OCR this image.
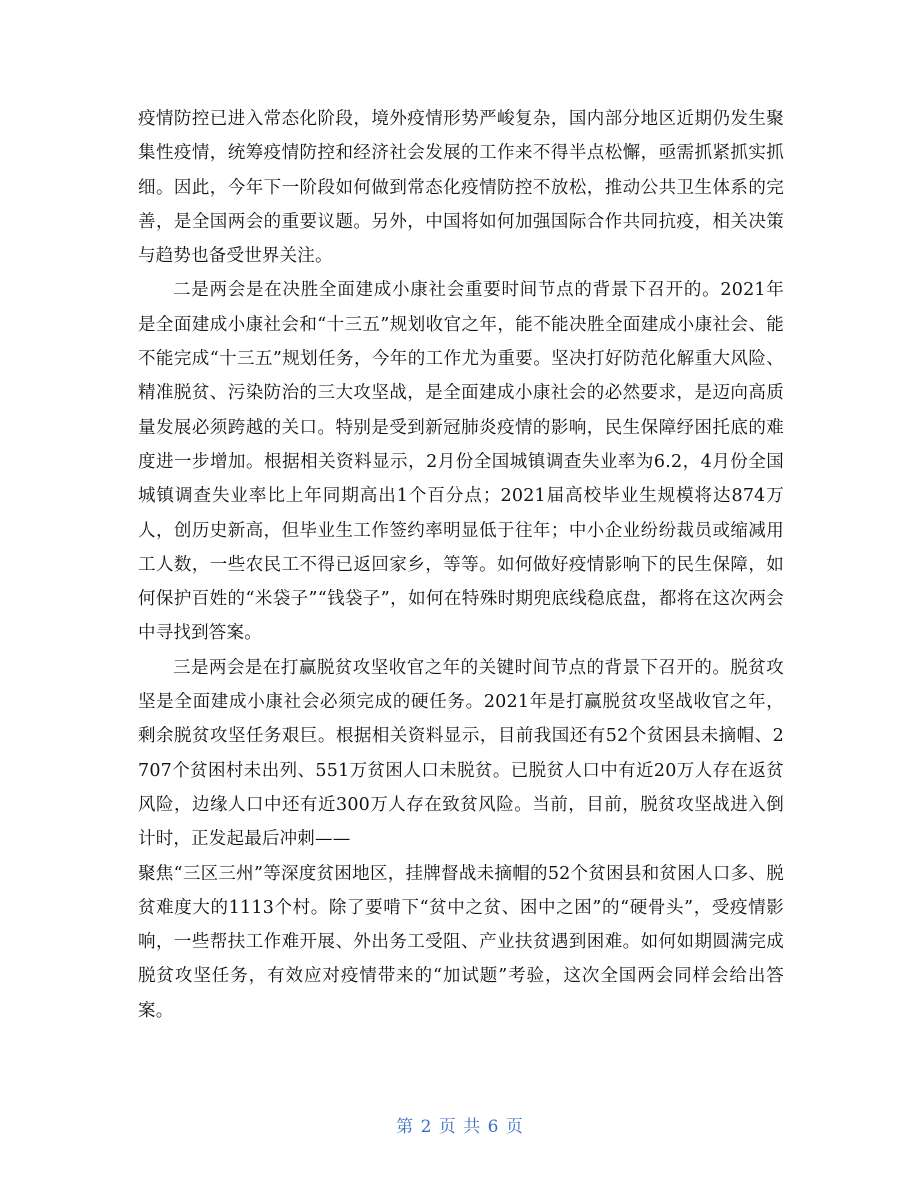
疫情防控已进入常态化阶段，境外疫情形势严峻复杂，国内部分地区近期仍发生聚集性疫情，统筹疫情防控和经济社会发展的工作来不得半点松懈，亟需抓紧抓实抓细。因此，今年下一阶段如何做到常态化疫情防控不放松，推动公共卫生体系的完善，是全国两会的重要议题。另外，中国将如何加强国际合作共同抗疫，相关决策与趋势也备受世界关注。

二是两会是在决胜全面建成小康社会重要时间节点的背景下召开的。2021年是全面建成小康社会和“十三五”规划收官之年，能不能决胜全面建成小康社会、能不能完成“十三五”规划任务，今年的工作尤为重要。坚决打好防范化解重大风险、精准脱贫、污染防治的三大攻坚战，是全面建成小康社会的必然要求，是迈向高质量发展必须跨越的关口。特别是受到新冠肺炎疫情的影响，民生保障纾困托底的难度进一步增加。根据相关资料显示，2月份全国城镇调查失业率为6.2，4月份全国城镇调查失业率比上年同期高出1个百分点；2021届高校毕业生规模将达874万人，创历史新高，但毕业生工作签约率明显低于往年；中小企业纷纷裁员或缩减用工人数，一些农民工不得已返回家乡，等等。如何做好疫情影响下的民生保障，如何保护百姓的“米袋子”“钱袋子”，如何在特殊时期兜底线稳底盘，都将在这次两会中寻找到答案。

三是两会是在打赢脱贫攻坚收官之年的关键时间节点的背景下召开的。脱贫攻坚是全面建成小康社会必须完成的硬任务。2021年是打赢脱贫攻坚战收官之年，剩余脱贫攻坚任务艰巨。根据相关资料显示，目前我国还有52个贫困县未摘帽、2707个贫困村未出列、551万贫困人口未脱贫。已脱贫人口中有近20万人存在返贫风险，边缘人口中还有近300万人存在致贫风险。当前，目前，脱贫攻坚战进入倒计时，正发起最后冲刺——

聚焦“三区三州”等深度贫困地区，挂牌督战未摘帽的52个贫困县和贫困人口多、脱贫难度大的1113个村。除了要啃下“贫中之贫、困中之困”的“硬骨头”，受疫情影响，一些帮扶工作难开展、外出务工受阻、产业扶贫遇到困难。如何如期圆满完成脱贫攻坚任务，有效应对疫情带来的“加试题”考验，这次全国两会同样会给出答案。

第 2 页 共 6 页
